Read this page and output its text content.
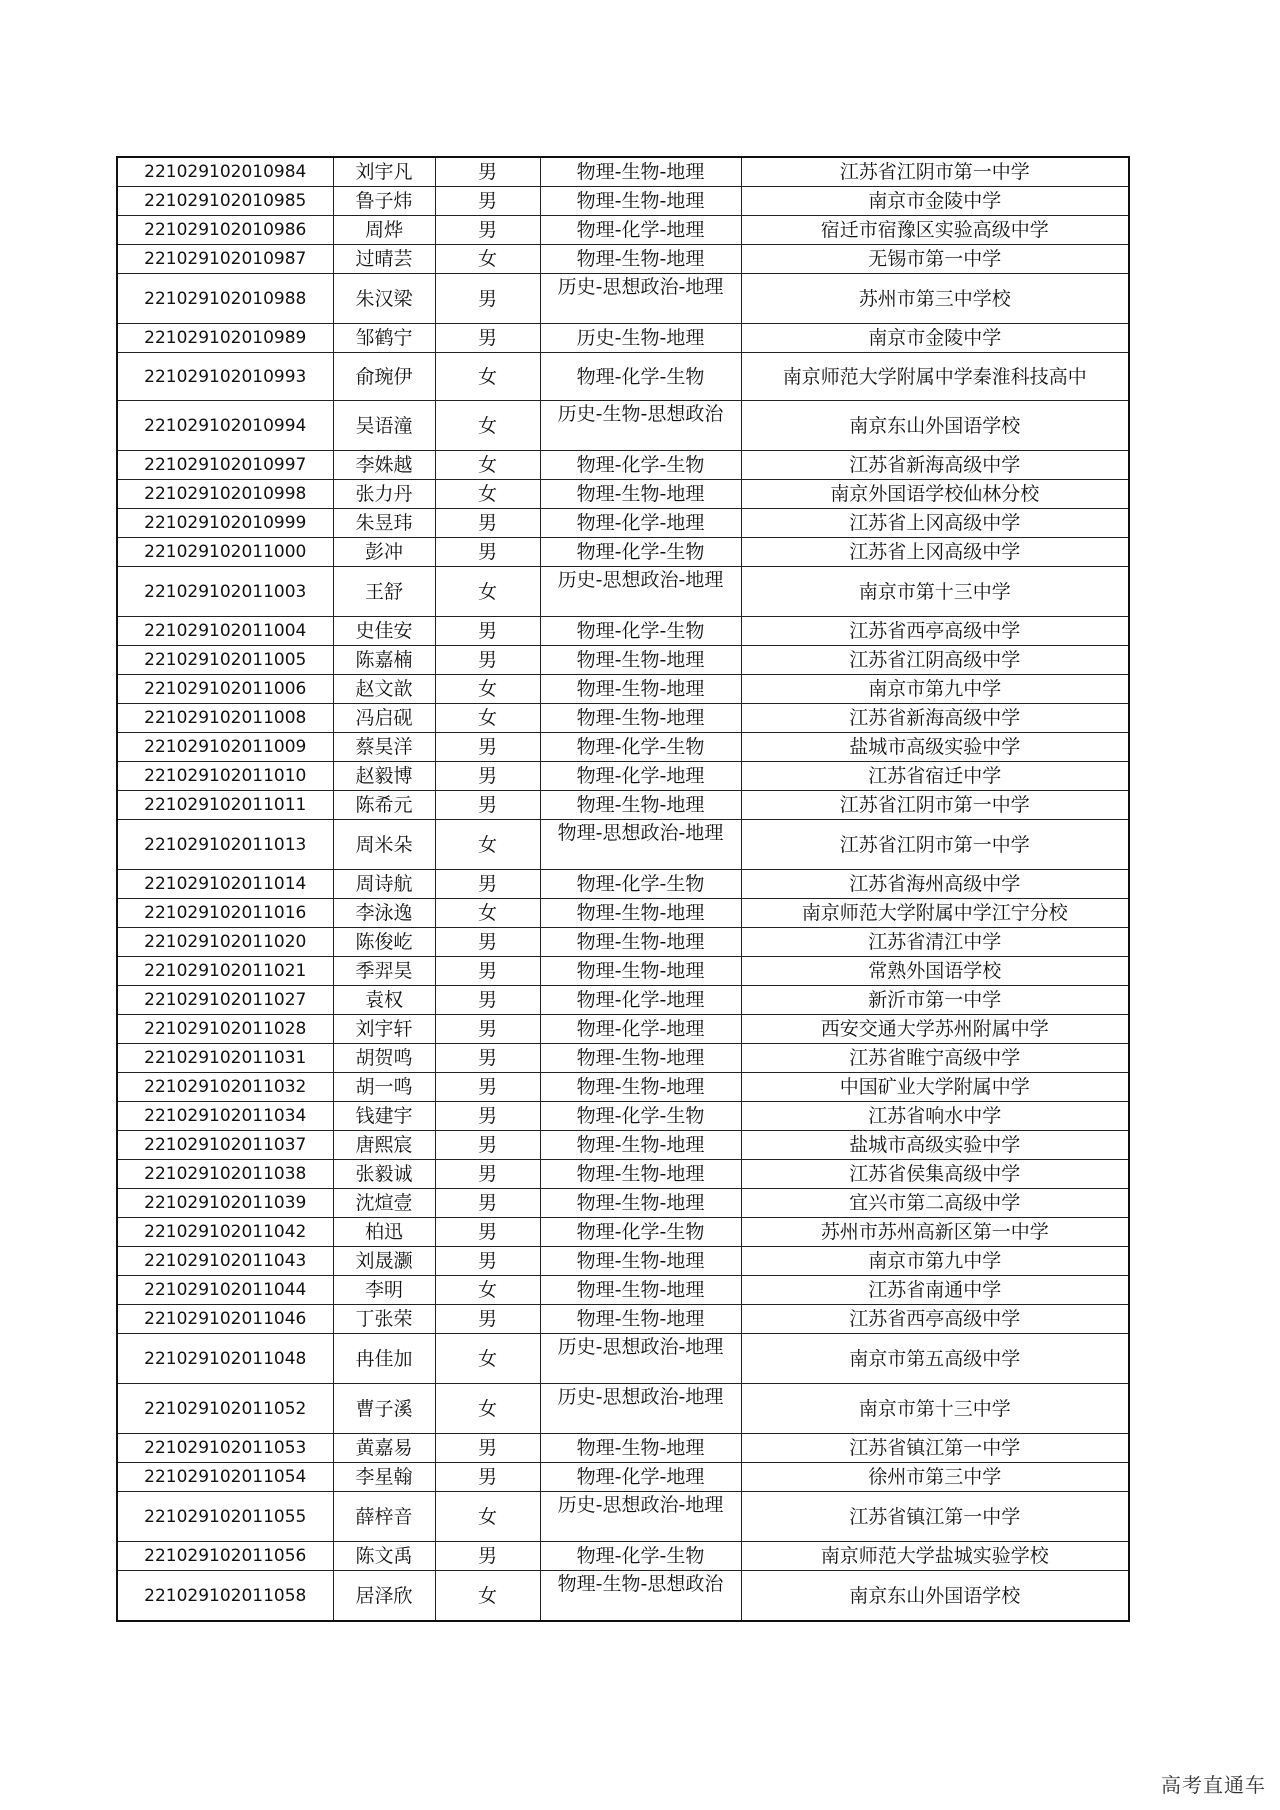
221029102010984	刘宇凡	男	物理-生物-地理	江苏省江阴市第一中学
221029102010985	鲁子炜	男	物理-生物-地理	南京市金陵中学
221029102010986	周烨	男	物理-化学-地理	宿迁市宿豫区实验高级中学
221029102010987	过晴芸	女	物理-生物-地理	无锡市第一中学
221029102010988	朱汉梁	男	历史-思想政治-地理	苏州市第三中学校
221029102010989	邹鹤宁	男	历史-生物-地理	南京市金陵中学
221029102010993	俞琬伊	女	物理-化学-生物	南京师范大学附属中学秦淮科技高中
221029102010994	吴语潼	女	历史-生物-思想政治	南京东山外国语学校
221029102010997	李姝越	女	物理-化学-生物	江苏省新海高级中学
221029102010998	张力丹	女	物理-生物-地理	南京外国语学校仙林分校
221029102010999	朱昱玮	男	物理-化学-地理	江苏省上冈高级中学
221029102011000	彭冲	男	物理-化学-生物	江苏省上冈高级中学
221029102011003	王舒	女	历史-思想政治-地理	南京市第十三中学
221029102011004	史佳安	男	物理-化学-生物	江苏省西亭高级中学
221029102011005	陈嘉楠	男	物理-生物-地理	江苏省江阴高级中学
221029102011006	赵文歆	女	物理-生物-地理	南京市第九中学
221029102011008	冯启砚	女	物理-生物-地理	江苏省新海高级中学
221029102011009	蔡昊洋	男	物理-化学-生物	盐城市高级实验中学
221029102011010	赵毅博	男	物理-化学-地理	江苏省宿迁中学
221029102011011	陈希元	男	物理-生物-地理	江苏省江阴市第一中学
221029102011013	周米朵	女	物理-思想政治-地理	江苏省江阴市第一中学
221029102011014	周诗航	男	物理-化学-生物	江苏省海州高级中学
221029102011016	李泳逸	女	物理-生物-地理	南京师范大学附属中学江宁分校
221029102011020	陈俊屹	男	物理-生物-地理	江苏省清江中学
221029102011021	季羿昊	男	物理-生物-地理	常熟外国语学校
221029102011027	袁权	男	物理-化学-地理	新沂市第一中学
221029102011028	刘宇轩	男	物理-化学-地理	西安交通大学苏州附属中学
221029102011031	胡贺鸣	男	物理-生物-地理	江苏省睢宁高级中学
221029102011032	胡一鸣	男	物理-生物-地理	中国矿业大学附属中学
221029102011034	钱建宇	男	物理-化学-生物	江苏省响水中学
221029102011037	唐熙宸	男	物理-生物-地理	盐城市高级实验中学
221029102011038	张毅诚	男	物理-生物-地理	江苏省侯集高级中学
221029102011039	沈煊壹	男	物理-生物-地理	宜兴市第二高级中学
221029102011042	柏迅	男	物理-化学-生物	苏州市苏州高新区第一中学
221029102011043	刘晟灏	男	物理-生物-地理	南京市第九中学
221029102011044	李明	女	物理-生物-地理	江苏省南通中学
221029102011046	丁张荣	男	物理-生物-地理	江苏省西亭高级中学
221029102011048	冉佳加	女	历史-思想政治-地理	南京市第五高级中学
221029102011052	曹子溪	女	历史-思想政治-地理	南京市第十三中学
221029102011053	黄嘉易	男	物理-生物-地理	江苏省镇江第一中学
221029102011054	李星翰	男	物理-化学-地理	徐州市第三中学
221029102011055	薛梓音	女	历史-思想政治-地理	江苏省镇江第一中学
221029102011056	陈文禹	男	物理-化学-生物	南京师范大学盐城实验学校
221029102011058	居泽欣	女	物理-生物-思想政治	南京东山外国语学校
高考直通车
